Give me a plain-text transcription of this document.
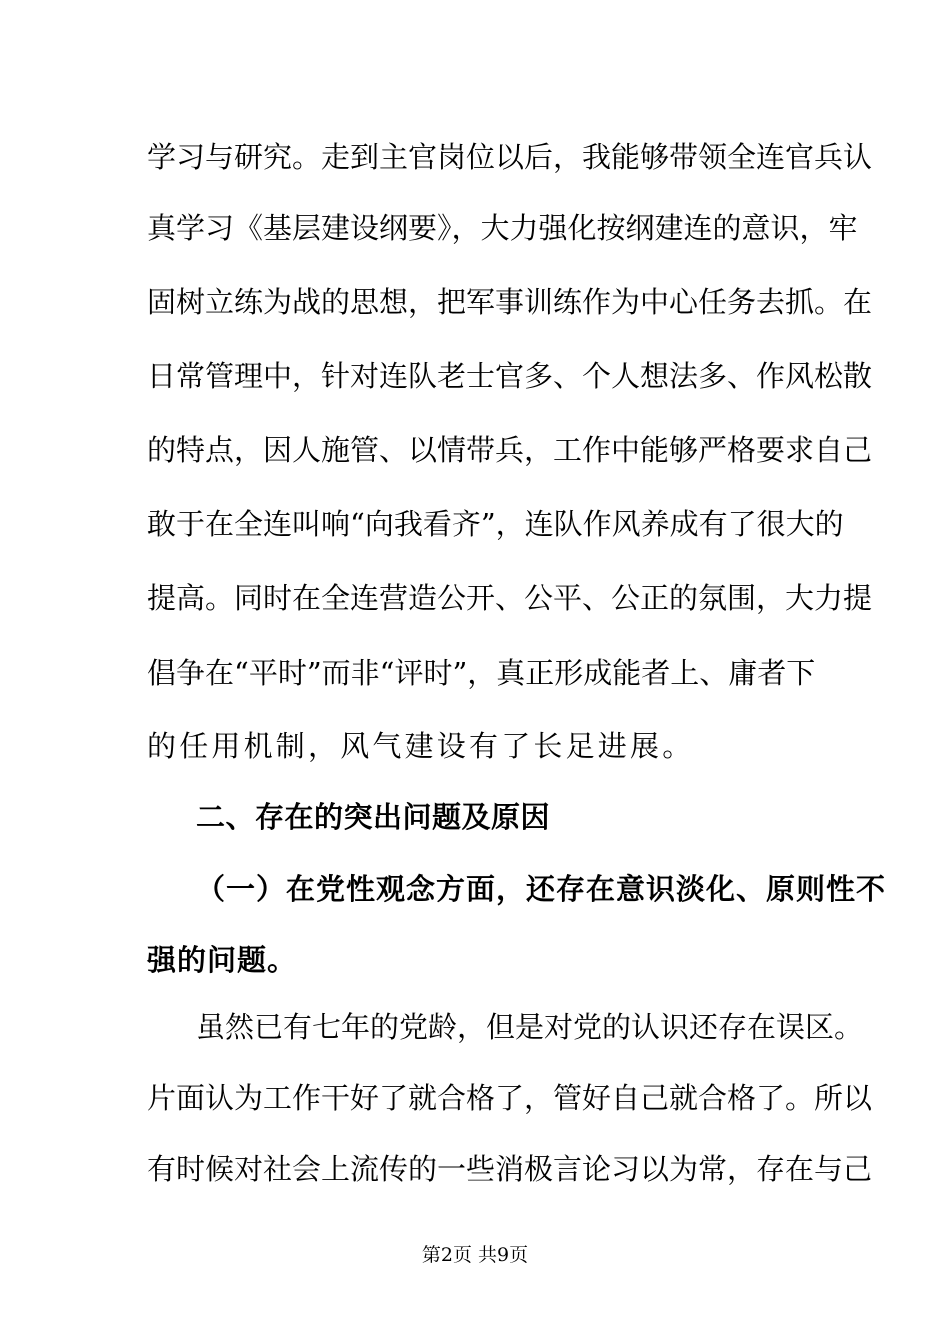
学习与研究。走到主官岗位以后，我能够带领全连官兵认
真学习《基层建设纲要》，大力强化按纲建连的意识，牢
固树立练为战的思想，把军事训练作为中心任务去抓。在
日常管理中，针对连队老士官多、个人想法多、作风松散
的特点，因人施管、以情带兵，工作中能够严格要求自己
敢于在全连叫响“向我看齐”，连队作风养成有了很大的
提高。同时在全连营造公开、公平、公正的氛围，大力提
倡争在“平时”而非“评时”，真正形成能者上、庸者下
的任用机制，风气建设有了长足进展。
二、存在的突出问题及原因
（一）在党性观念方面，还存在意识淡化、原则性不
强的问题。
虽然已有七年的党龄，但是对党的认识还存在误区。
片面认为工作干好了就合格了，管好自己就合格了。所以
有时候对社会上流传的一些消极言论习以为常，存在与己
第2页 共9页
